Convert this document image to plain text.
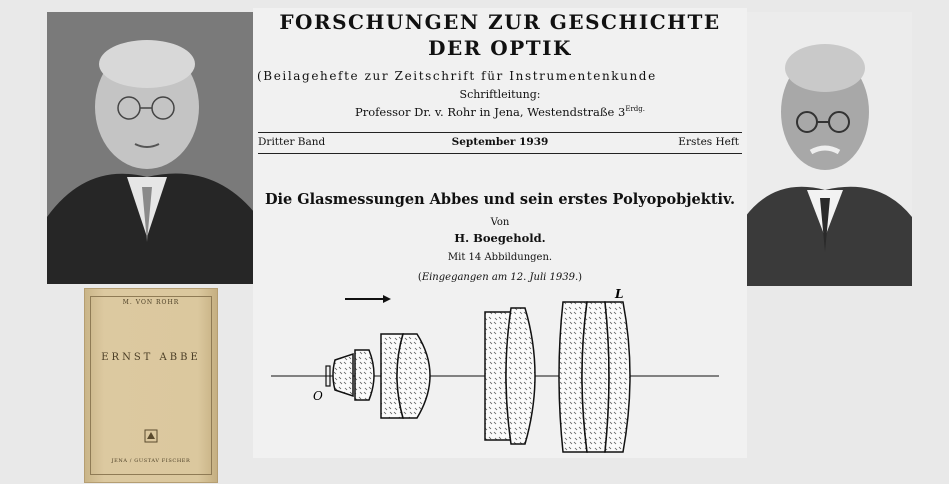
M. VON ROHR
ERNST ABBE
JENA / GUSTAV FISCHER
FORSCHUNGEN ZUR GESCHICHTE
DER OPTIK
(Beilagehefte zur Zeitschrift für Instrumentenkunde
Schriftleitung:
Professor Dr. v. Rohr in Jena, Westendstraße $3^{Erdg.}$
Dritter Band	September 1939	Erstes Heft
Die Glasmessungen Abbes und sein erstes Polyopobjektiv.
Von
H. Boegehold.
Mit 14 Abbildungen.
(Eingegangen am 12. Juli 1939.)
O
L
